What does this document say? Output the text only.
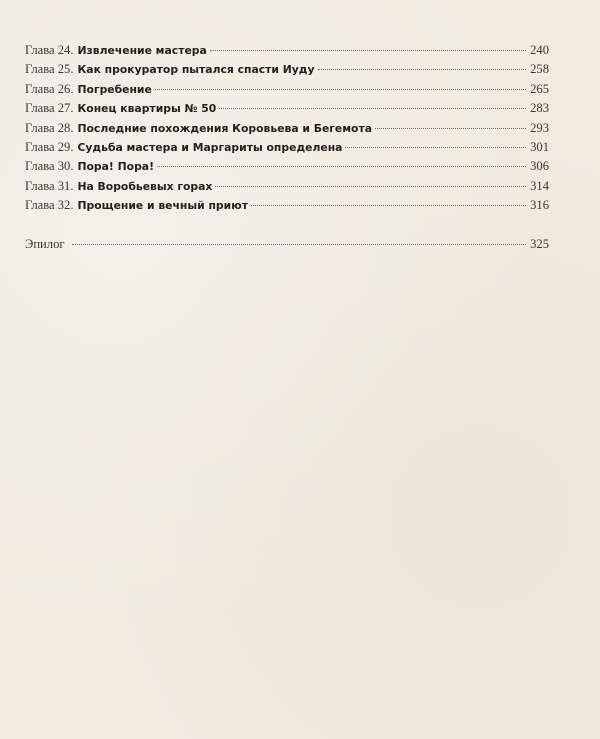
Глава 24. Извлечение мастера	240
Глава 25. Как прокуратор пытался спасти Иуду	258
Глава 26. Погребение	265
Глава 27. Конец квартиры № 50	283
Глава 28. Последние похождения Коровьева и Бегемота	293
Глава 29. Судьба мастера и Маргариты определена	301
Глава 30. Пора! Пора!	306
Глава 31. На Воробьевых горах	314
Глава 32. Прощение и вечный приют	316
Эпилог	325
